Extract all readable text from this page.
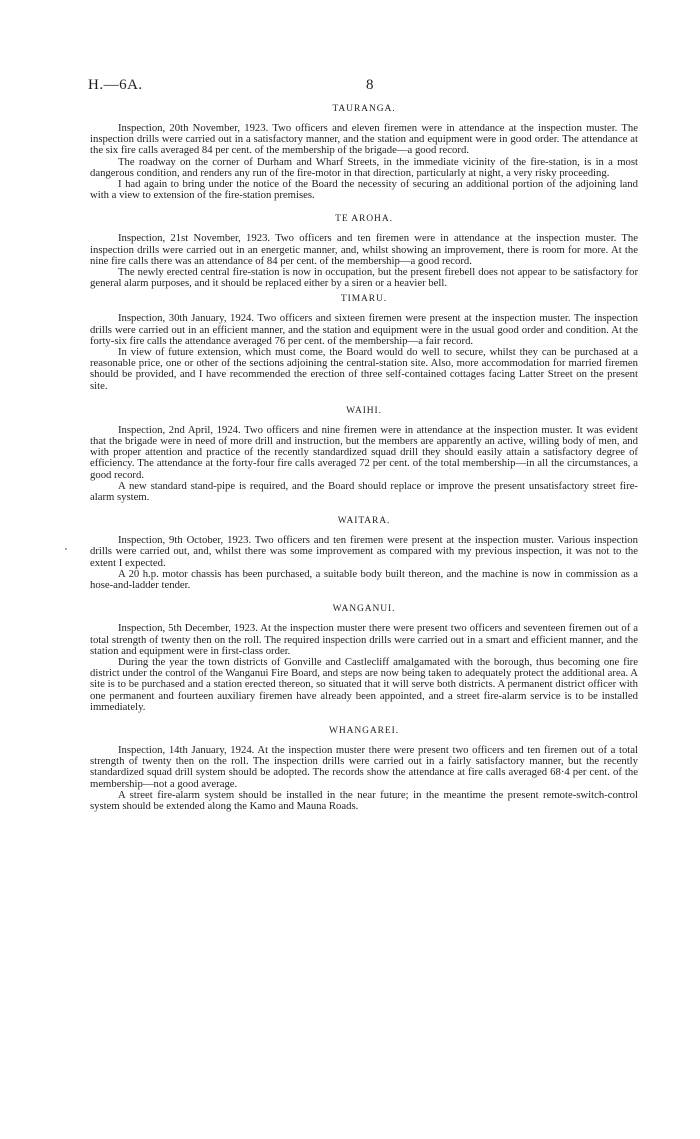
H.—6A.	8
TAURANGA.

Inspection, 20th November, 1923. Two officers and eleven firemen were in attendance at the inspection muster. The inspection drills were carried out in a satisfactory manner, and the station and equipment were in good order. The attendance at the six fire calls averaged 84 per cent. of the membership of the brigade—a good record.

The roadway on the corner of Durham and Wharf Streets, in the immediate vicinity of the fire-station, is in a most dangerous condition, and renders any run of the fire-motor in that direction, particularly at night, a very risky proceeding.

I had again to bring under the notice of the Board the necessity of securing an additional portion of the adjoining land with a view to extension of the fire-station premises.

TE AROHA.

Inspection, 21st November, 1923. Two officers and ten firemen were in attendance at the inspection muster. The inspection drills were carried out in an energetic manner, and, whilst showing an improvement, there is room for more. At the nine fire calls there was an attendance of 84 per cent. of the membership—a good record.

The newly erected central fire-station is now in occupation, but the present firebell does not appear to be satisfactory for general alarm purposes, and it should be replaced either by a siren or a heavier bell.

TIMARU.

Inspection, 30th January, 1924. Two officers and sixteen firemen were present at the inspection muster. The inspection drills were carried out in an efficient manner, and the station and equipment were in the usual good order and condition. At the forty-six fire calls the attendance averaged 76 per cent. of the membership—a fair record.

In view of future extension, which must come, the Board would do well to secure, whilst they can be purchased at a reasonable price, one or other of the sections adjoining the central-station site. Also, more accommodation for married firemen should be provided, and I have recommended the erection of three self-contained cottages facing Latter Street on the present site.

WAIHI.

Inspection, 2nd April, 1924. Two officers and nine firemen were in attendance at the inspection muster. It was evident that the brigade were in need of more drill and instruction, but the members are apparently an active, willing body of men, and with proper attention and practice of the recently standardized squad drill they should easily attain a satisfactory degree of efficiency. The attendance at the forty-four fire calls averaged 72 per cent. of the total membership—in all the circumstances, a good record.

A new standard stand-pipe is required, and the Board should replace or improve the present unsatisfactory street fire-alarm system.

WAITARA.

Inspection, 9th October, 1923. Two officers and ten firemen were present at the inspection muster. Various inspection drills were carried out, and, whilst there was some improvement as compared with my previous inspection, it was not to the extent I expected.

A 20 h.p. motor chassis has been purchased, a suitable body built thereon, and the machine is now in commission as a hose-and-ladder tender.

WANGANUI.

Inspection, 5th December, 1923. At the inspection muster there were present two officers and seventeen firemen out of a total strength of twenty then on the roll. The required inspection drills were carried out in a smart and efficient manner, and the station and equipment were in first-class order.

During the year the town districts of Gonville and Castlecliff amalgamated with the borough, thus becoming one fire district under the control of the Wanganui Fire Board, and steps are now being taken to adequately protect the additional area. A site is to be purchased and a station erected thereon, so situated that it will serve both districts. A permanent district officer with one permanent and fourteen auxiliary firemen have already been appointed, and a street fire-alarm service is to be installed immediately.

WHANGAREI.

Inspection, 14th January, 1924. At the inspection muster there were present two officers and ten firemen out of a total strength of twenty then on the roll. The inspection drills were carried out in a fairly satisfactory manner, but the recently standardized squad drill system should be adopted. The records show the attendance at fire calls averaged 68·4 per cent. of the membership—not a good average.

A street fire-alarm system should be installed in the near future; in the meantime the present remote-switch-control system should be extended along the Kamo and Mauna Roads.
